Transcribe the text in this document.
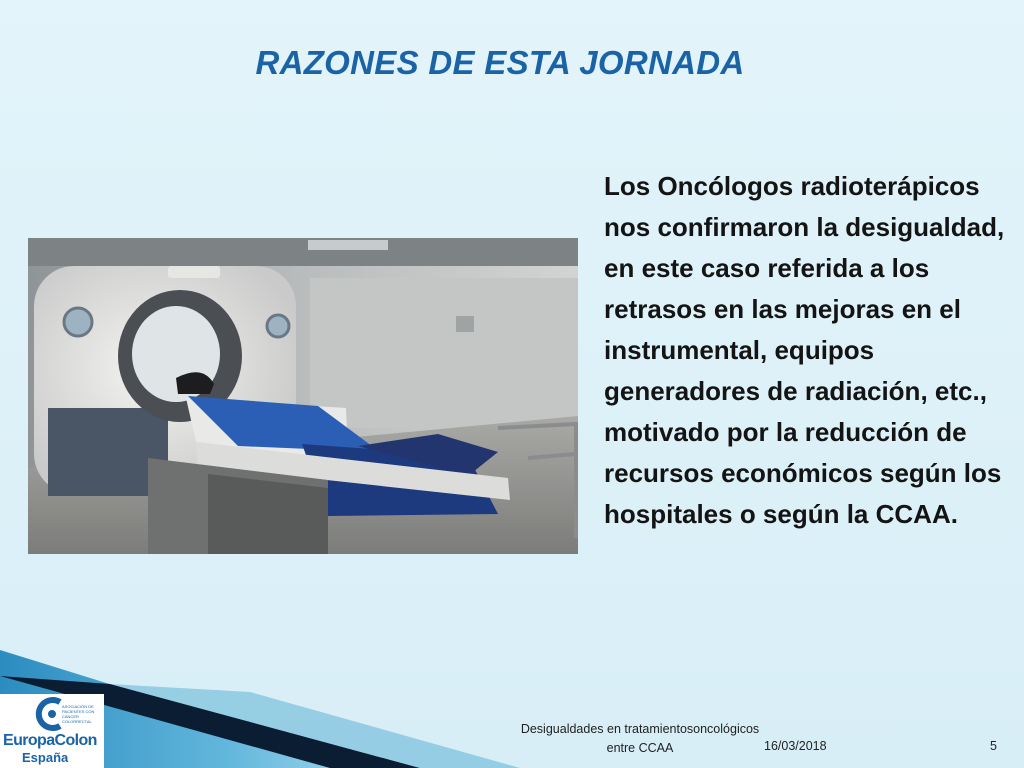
RAZONES DE ESTA JORNADA
Los Oncólogos radioterápicos nos confirmaron la desigualdad, en este caso referida a los retrasos en las mejoras en el instrumental, equipos generadores de radiación, etc., motivado por la reducción de recursos económicos según los hospitales o según la CCAA.
ASOCIACIÓN DE PACIENTES CON CÁNCER COLORRECTAL
EuropaColon
España
Desigualdades en tratamientosoncológicos entre CCAA	16/03/2018	5
